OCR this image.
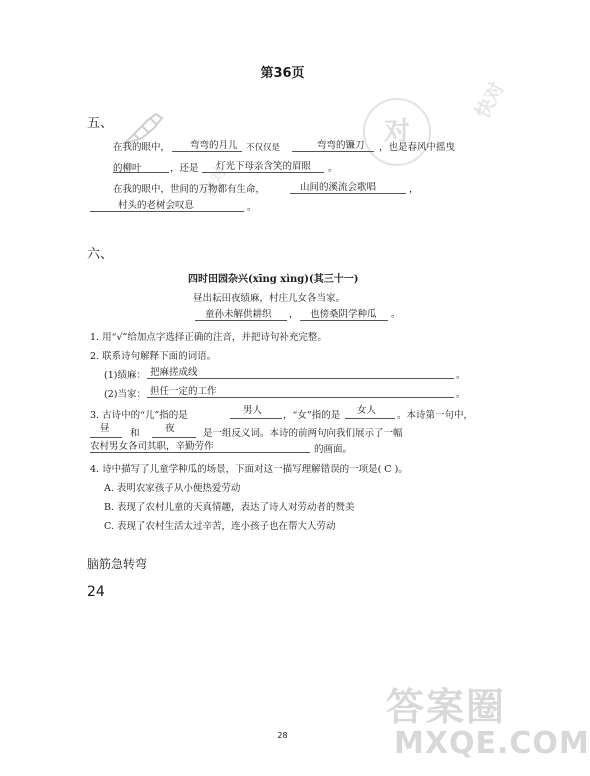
第36页
对
快对
快对
五、
在我的眼中， 弯弯的月儿 不仅仅是	弯弯的镰刀 ，也是春风中摇曳
的柳叶	，还是 灯光下母亲含笑的眉眼 。
在我的眼中，世间的万物都有生命，	山间的溪流会歌唱	，
村头的老树会叹息	。
六、
四时田园杂兴(xīng xìng)(其三十一)
昼出耘田夜绩麻，村庄儿女各当家。
童孙未解供耕织 ， 也傍桑阴学种瓜 。
1. 用“√”给加点字选择正确的注音，并把诗句补充完整。
2. 联系诗句解释下面的词语。
(1)绩麻： 把麻搓成线	。
(2)当家： 担任一定的工作	。
3. 古诗中的“儿”指的是	男人 ，“女”指的是 女人 。本诗第一句中，
昼 和	夜	是一组反义词。本诗的前两句向我们展示了一幅
农村男女各司其职，辛勤劳作	的画面。
4. 诗中描写了儿童学种瓜的场景，下面对这一描写理解错误的一项是( C )。
A. 表明农家孩子从小便热爱劳动
B. 表现了农村儿童的天真情趣，表达了诗人对劳动者的赞美
C. 表现了农村生活太过辛苦，连小孩子也在帮大人劳动
脑筋急转弯
24
28
答案圈
MXQE.COM
